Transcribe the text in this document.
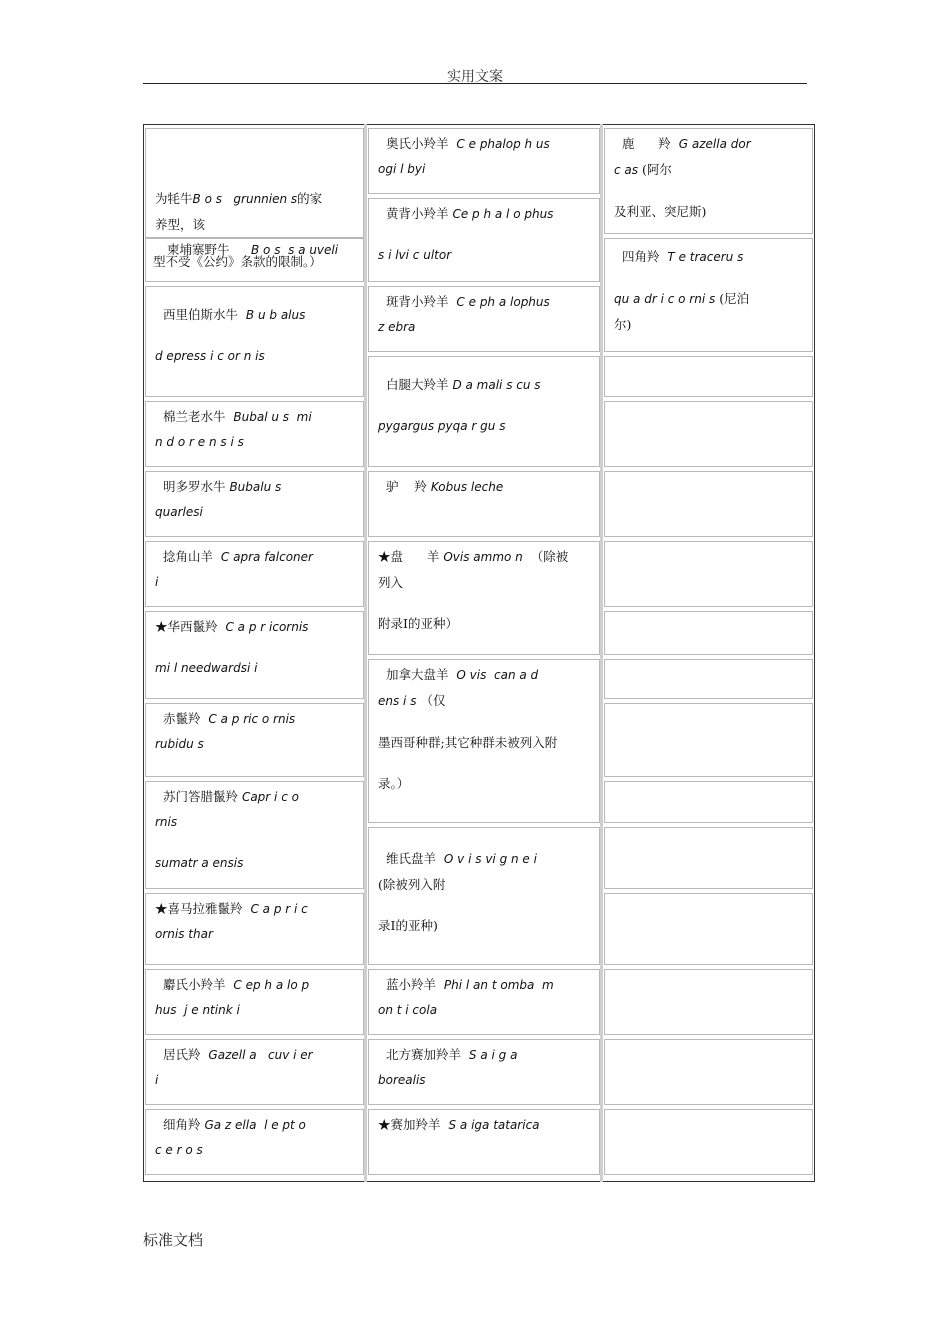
实用文案
为牦牛B o s   grunnien s的家
养型，该
柬埔寨野牛 B o s  s a uveli
型不受《公约》条款的限制。）
西里伯斯水牛 B u b alus
d epress i c or n is
棉兰老水牛 Bubal u s  mi
n d o r e n s i s
明多罗水牛 Bubalu s
quarlesi
捻角山羊 C apra falconer
i
★华西鬣羚 C a p r icornis
mi l needwardsi i
赤鬣羚 C a p ric o rnis
rubidu s
苏门答腊鬣羚 Capr i c o
rnis
sumatr a ensis
★喜马拉雅鬣羚 C a p r i c
ornis thar
麝氏小羚羊 C ep h a lo p
hus  j e ntink i
居氏羚 Gazell a   cuv i er
i
细角羚 Ga z ella  l e pt o
c e r o s
奥氏小羚羊 C e phalop h us
ogi l byi
黄背小羚羊 Ce p h a l o phus
s i lvi c ultor
斑背小羚羊 C e ph a lophus
z ebra
白腿大羚羊 D a mali s cu s
pygargus pyqa r gu s
驴    羚 Kobus leche
★盘      羊 Ovis ammo n （除被
列入
附录Ⅰ的亚种）
加拿大盘羊 O vis  can a d
ens i s （仅
墨西哥种群;其它种群未被列入附
录。）
维氏盘羊 O v i s vi g n e i
(除被列入附
录Ⅰ的亚种)
蓝小羚羊 Phi l an t omba  m
on t i cola
北方赛加羚羊 S a i g a
borealis
★赛加羚羊 S a iga tatarica
鹿      羚 G azella dor
c as (阿尔
及利亚、突尼斯)
四角羚 T e traceru s
qu a dr i c o rni s (尼泊
尔)
标准文档
